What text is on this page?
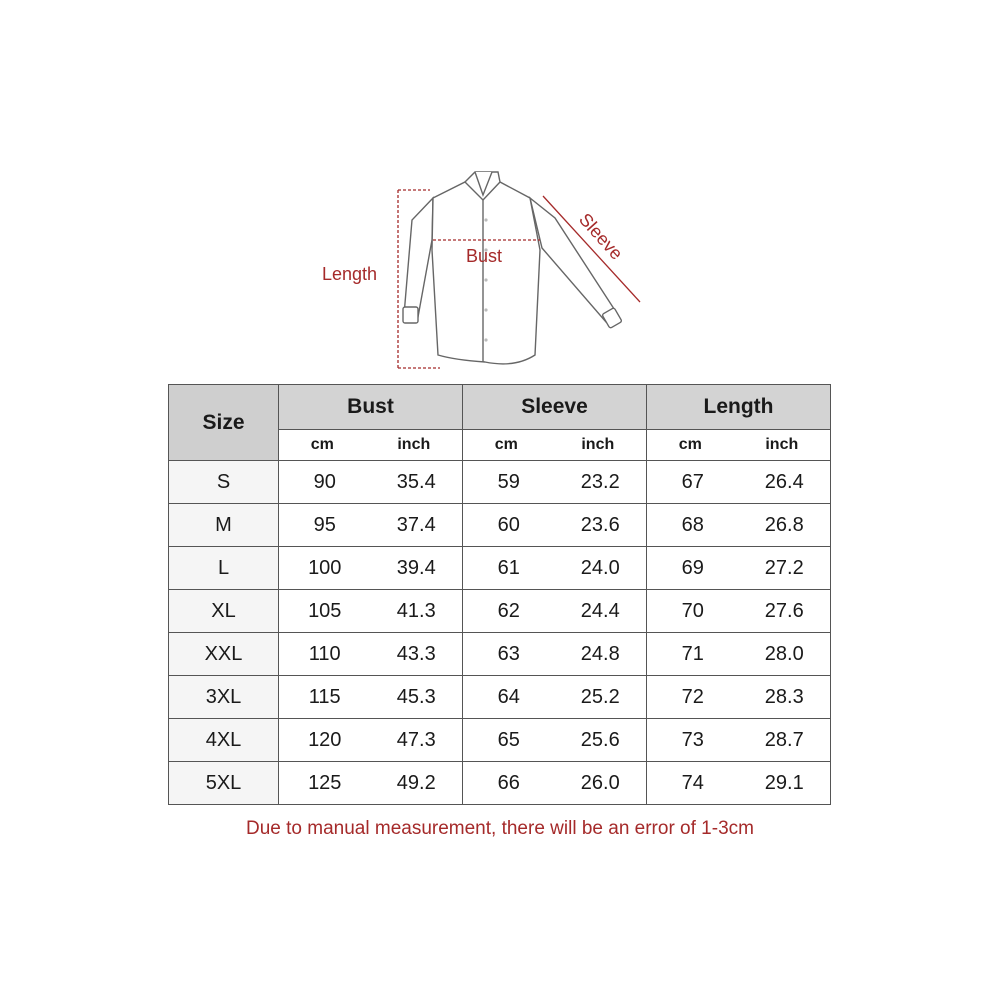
Length
Bust	Sleeve
Size	Bust	Sleeve	Length

	cm inch	cm inch	cm inch

S	90 35.4	59 23.2	67 26.4

M	95 37.4	60 23.6	68 26.8

L	100 39.4	61 24.0	69 27.2

XL	105 41.3	62 24.4	70 27.6

XXL	110 43.3	63 24.8	71 28.0

3XL	115 45.3	64 25.2	72 28.3

4XL	120 47.3	65 25.6	73 28.7

5XL	125 49.2	66 26.0	74 29.1
Due to manual measurement, there will be an error of 1-3cm
